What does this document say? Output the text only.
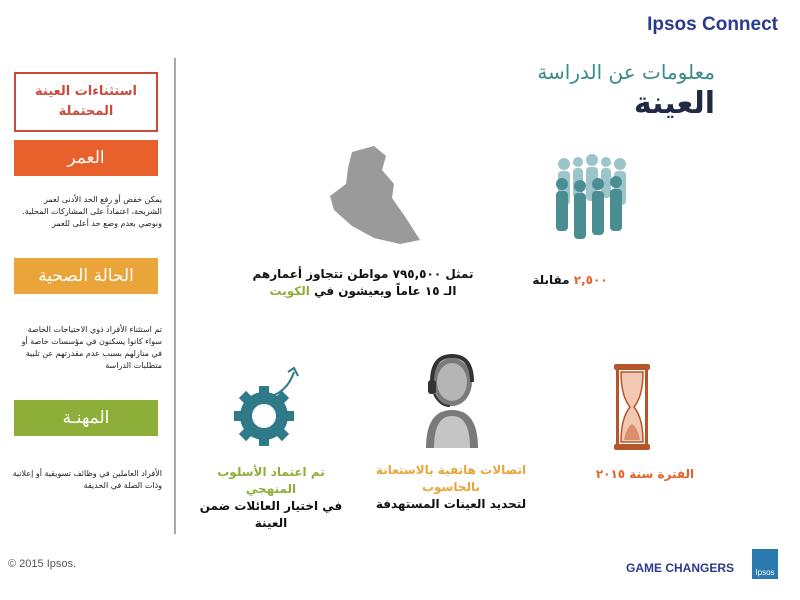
Ipsos Connect
معلومات عن الدراسة
العينة
استثناءات العينة
المحتملة
العمر
يمكن خفض أو رفع الحد الأدنى لعمر الشريحة، اعتماداً على المشاركات المحلية. ونوصي بعدم وضع حد أعلى للعمر
الحالة الصحية
تم استثناء الأفراد ذوي الاحتياجات الخاصة سواء كانوا يسكنون في مؤسسات خاصة أو في منازلهم بسبب عدم مقدرتهم عن تلبية متطلبات الدراسة
المهنـة
الأفراد العاملين في وظائف تسويقية أو إعلانية وذات الصلة في الحديقة
تمثل ٧٩٥,٥٠٠ مواطن تتجاوز أعمارهم
الـ ١٥ عاماً ويعيشون في الكويت
٢,٥٠٠ مقابلة
تم اعتماد الأسلوب المنهجي
في اختيار العائلات ضمن العينة
اتصالات هاتفية بالاستعانة بالحاسوب
لتحديد العينات المستهدفة
الفترة سنة ٢٠١٥
© 2015 Ipsos.	GAME CHANGERS	Ipsos
